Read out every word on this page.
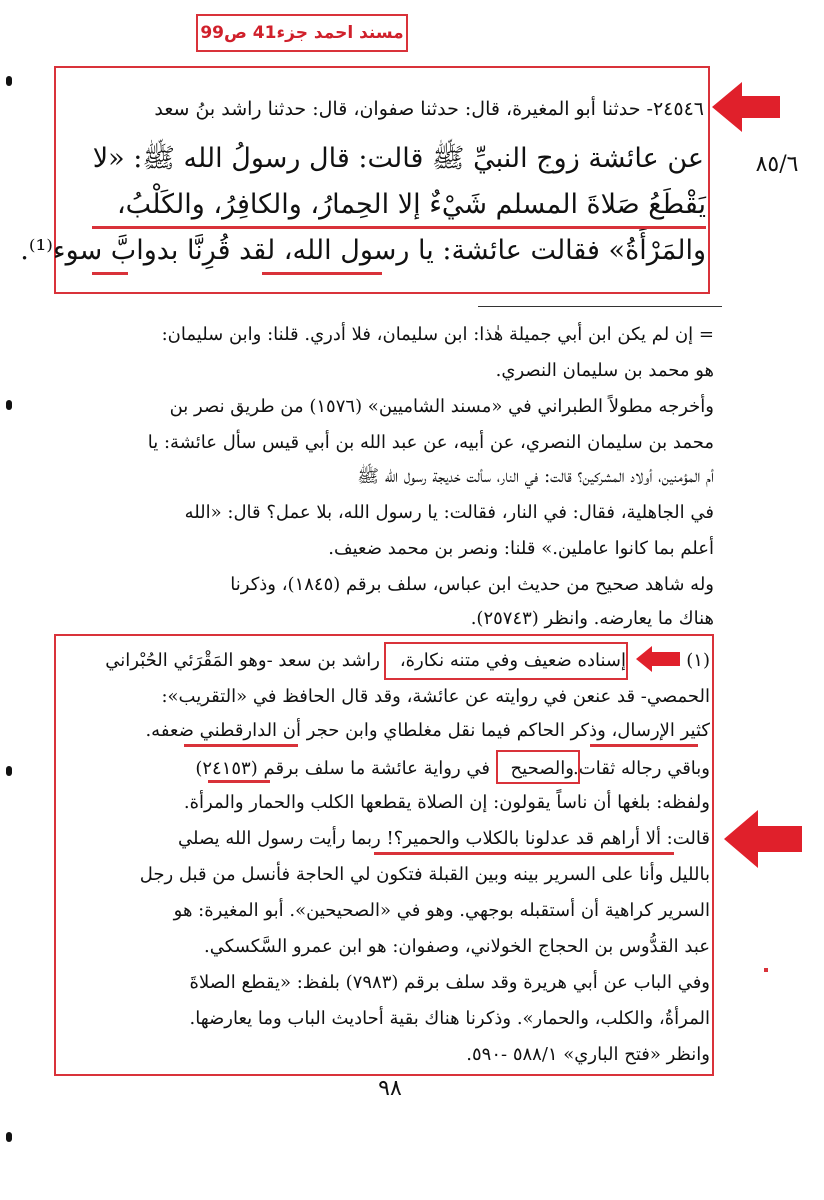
مسند احمد جزء41 ص99
٢٤٥٤٦- حدثنا أبو المغيرة، قال: حدثنا صفوان، قال: حدثنا راشد بنُ سعد
عن عائشة زوج النبيِّ ﷺ قالت: قال رسولُ الله ﷺ: «لا
يَقْطَعُ صَلاةَ المسلم شَيْءٌ إلا الحِمارُ، والكافِرُ، والكَلْبُ،
والمَرْأَةُ» فقالت عائشة: يا رسول الله، لقد قُرِنَّا بدوابَّ سوء⁽¹⁾.
٨٥/٦
= إن لم يكن ابن أبي جميلة هٰذا: ابن سليمان، فلا أدري. قلنا: وابن سليمان:
هو محمد بن سليمان النصري.
وأخرجه مطولاً الطبراني في «مسند الشاميين» (١٥٧٦) من طريق نصر بن
محمد بن سليمان النصري، عن أبيه، عن عبد الله بن أبي قيس سأل عائشة: يا
أم المؤمنين، أولاد المشركين؟ قالت: في النار، سألت خديجة رسول الله ﷺ
في الجاهلية، فقال: في النار، فقالت: يا رسول الله، بلا عمل؟ قال: «الله
أعلم بما كانوا عاملين.» قلنا: ونصر بن محمد ضعيف.
وله شاهد صحيح من حديث ابن عباس، سلف برقم (١٨٤٥)، وذكرنا
هناك ما يعارضه. وانظر (٢٥٧٤٣).
(١)
إسناده ضعيف وفي متنه نكارة،
راشد بن سعد -وهو المَقْرَئي الحُبْراني
الحمصي- قد عنعن في روايته عن عائشة، وقد قال الحافظ في «التقريب»:
كثير الإرسال، وذكر الحاكم فيما نقل مغلطاي وابن حجر أن الدارقطني ضعفه.
وباقي رجاله ثقات.
والصحيح
في رواية عائشة ما سلف برقم (٢٤١٥٣)
ولفظه: بلغها أن ناساً يقولون: إن الصلاة يقطعها الكلب والحمار والمرأة.
قالت: ألا أراهم قد عدلونا بالكلاب والحمير؟! ربما رأيت رسول الله يصلي
بالليل وأنا على السرير بينه وبين القبلة فتكون لي الحاجة فأنسل من قبل رجل
السرير كراهية أن أستقبله بوجهي. وهو في «الصحيحين». أبو المغيرة: هو
عبد القدُّوس بن الحجاج الخولاني، وصفوان: هو ابن عمرو السَّكسكي.
وفي الباب عن أبي هريرة وقد سلف برقم (٧٩٨٣) بلفظ: «يقطع الصلاةَ
المرأةُ، والكلب، والحمار». وذكرنا هناك بقية أحاديث الباب وما يعارضها.
وانظر «فتح الباري» ٥٨٨/١ -٥٩٠.
٩٨
